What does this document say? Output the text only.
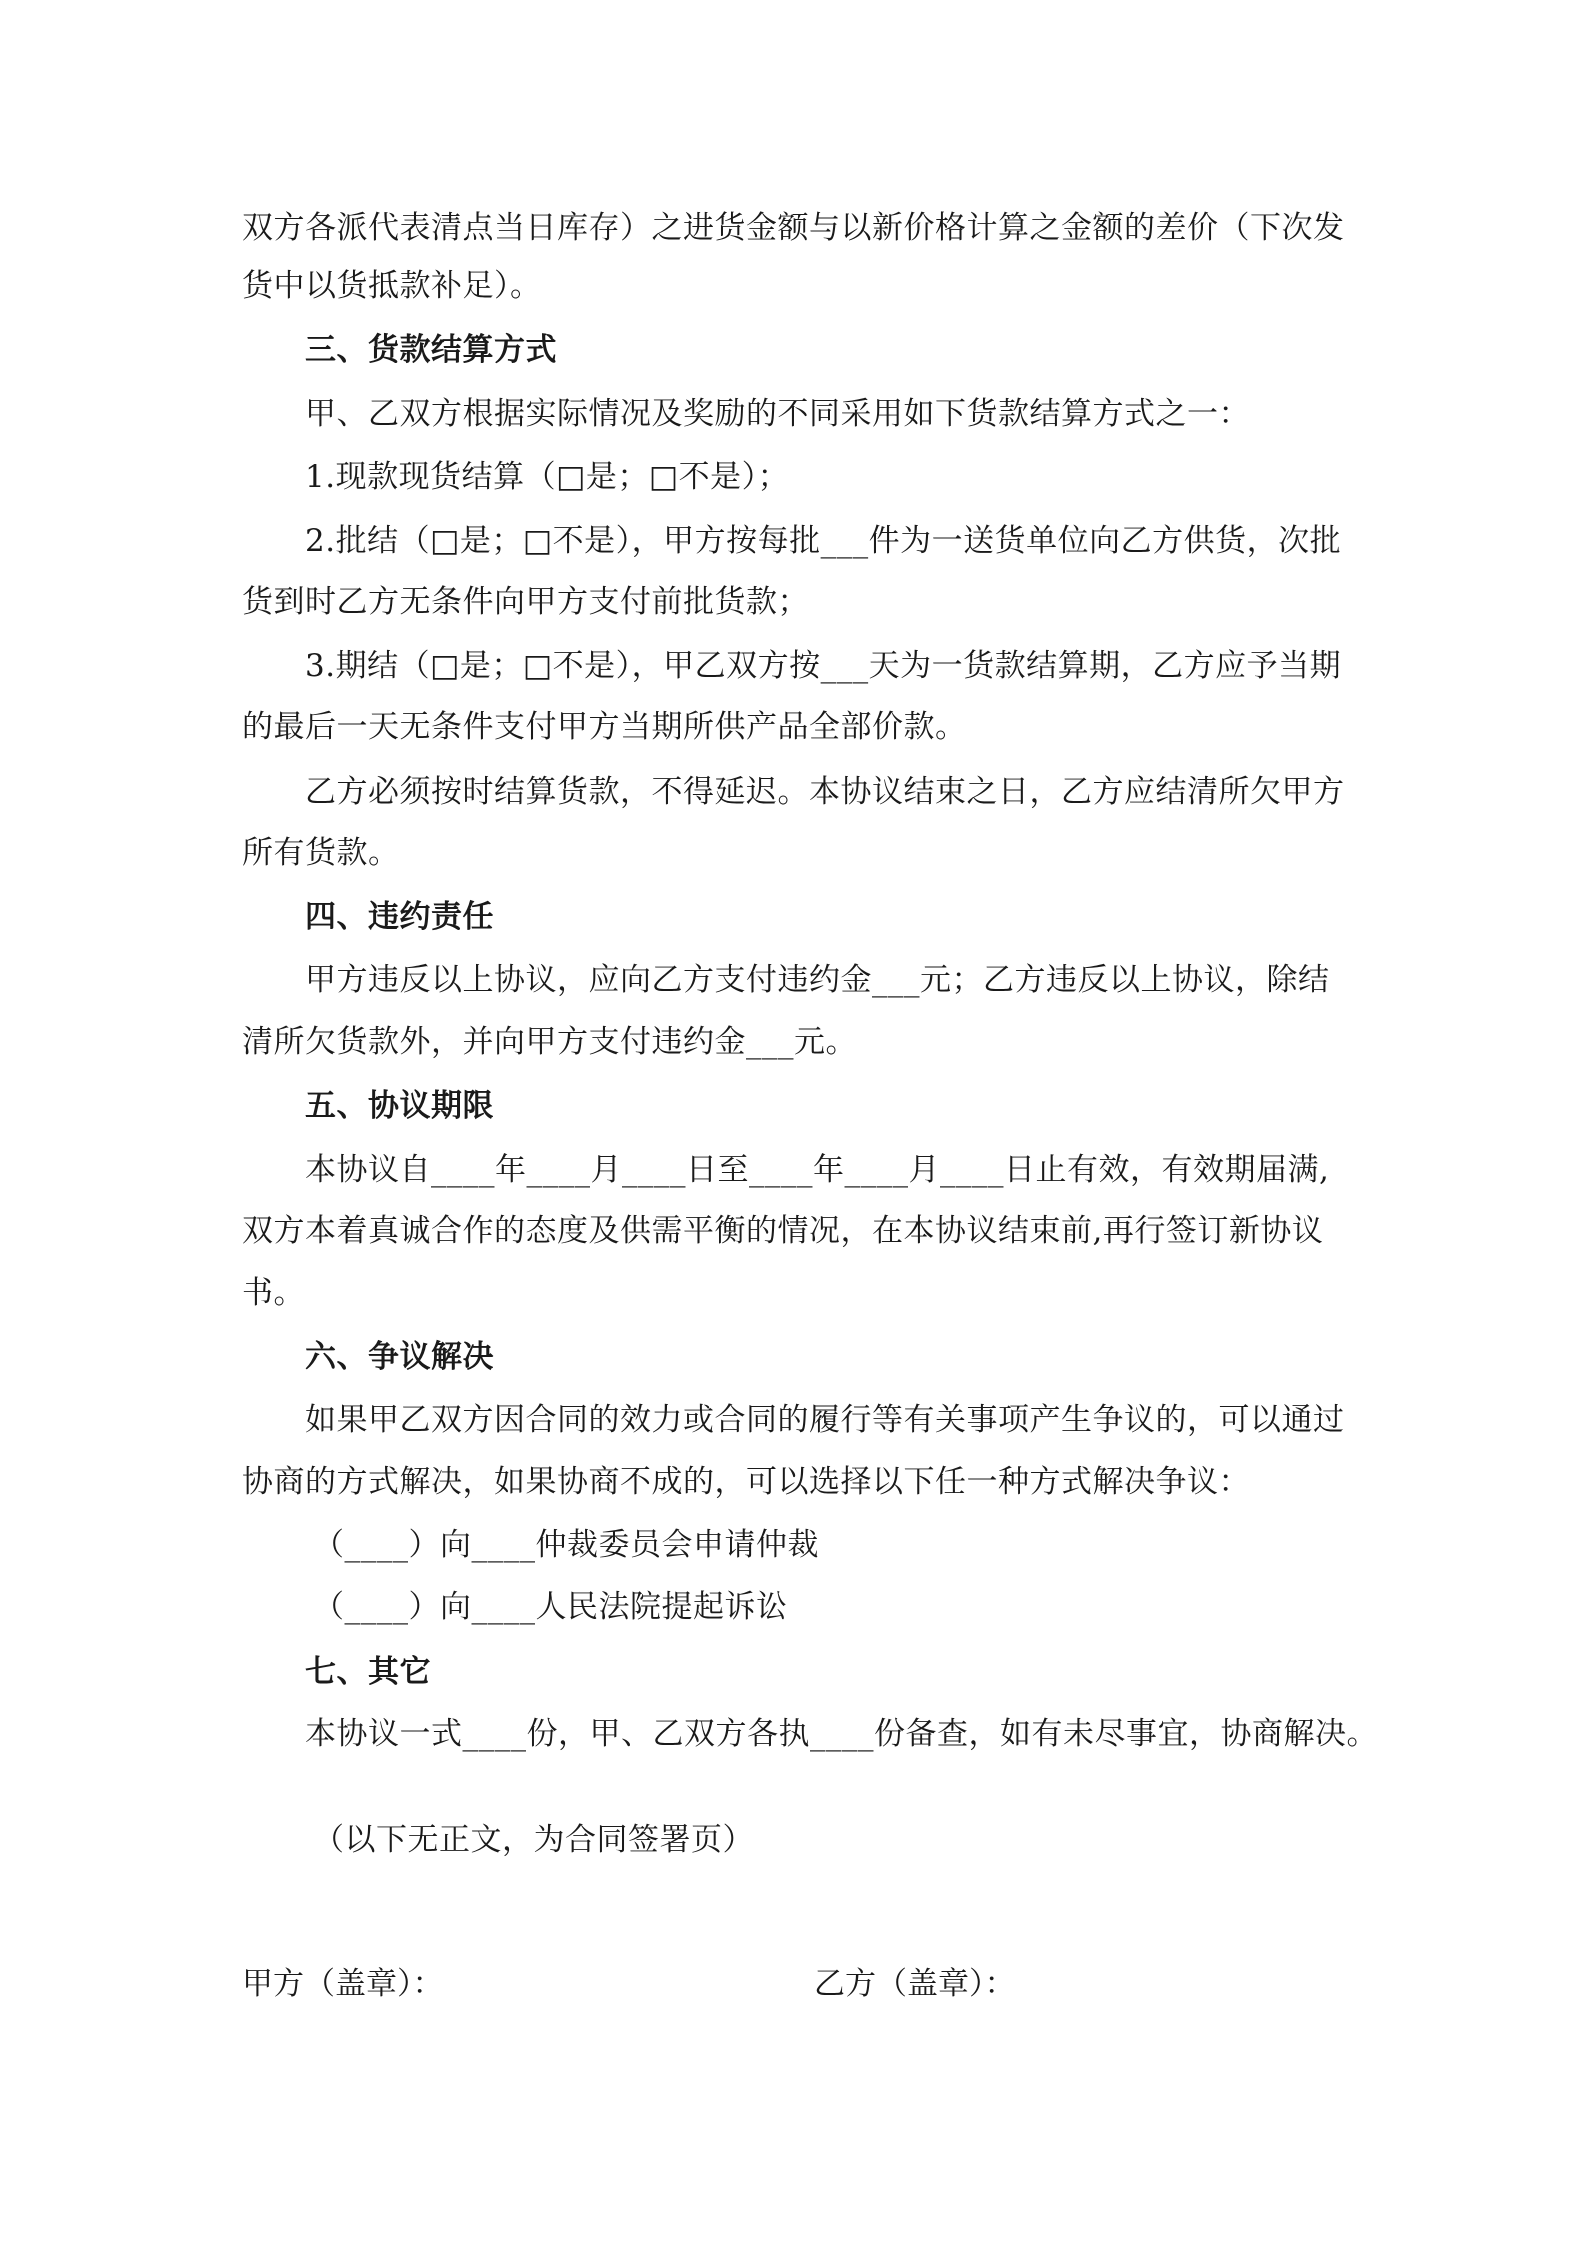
双方各派代表清点当日库存）之进货金额与以新价格计算之金额的差价（下次发
货中以货抵款补足）。
三、货款结算方式
甲、乙双方根据实际情况及奖励的不同采用如下货款结算方式之一：
1.现款现货结算（□是；□不是）；
2.批结（□是；□不是），甲方按每批___件为一送货单位向乙方供货，次批
货到时乙方无条件向甲方支付前批货款；
3.期结（□是；□不是），甲乙双方按___天为一货款结算期，乙方应予当期
的最后一天无条件支付甲方当期所供产品全部价款。
乙方必须按时结算货款，不得延迟。本协议结束之日，乙方应结清所欠甲方
所有货款。
四、违约责任
甲方违反以上协议，应向乙方支付违约金___元；乙方违反以上协议，除结
清所欠货款外，并向甲方支付违约金___元。
五、协议期限
本协议自____年____月____日至____年____月____日止有效，有效期届满,
双方本着真诚合作的态度及供需平衡的情况，在本协议结束前,再行签订新协议
书。
六、争议解决
如果甲乙双方因合同的效力或合同的履行等有关事项产生争议的，可以通过
协商的方式解决，如果协商不成的，可以选择以下任一种方式解决争议：
（____）向____仲裁委员会申请仲裁
（____）向____人民法院提起诉讼
七、其它
本协议一式____份，甲、乙双方各执____份备查，如有未尽事宜，协商解决。
（以下无正文，为合同签署页）
甲方（盖章）：	乙方（盖章）：
